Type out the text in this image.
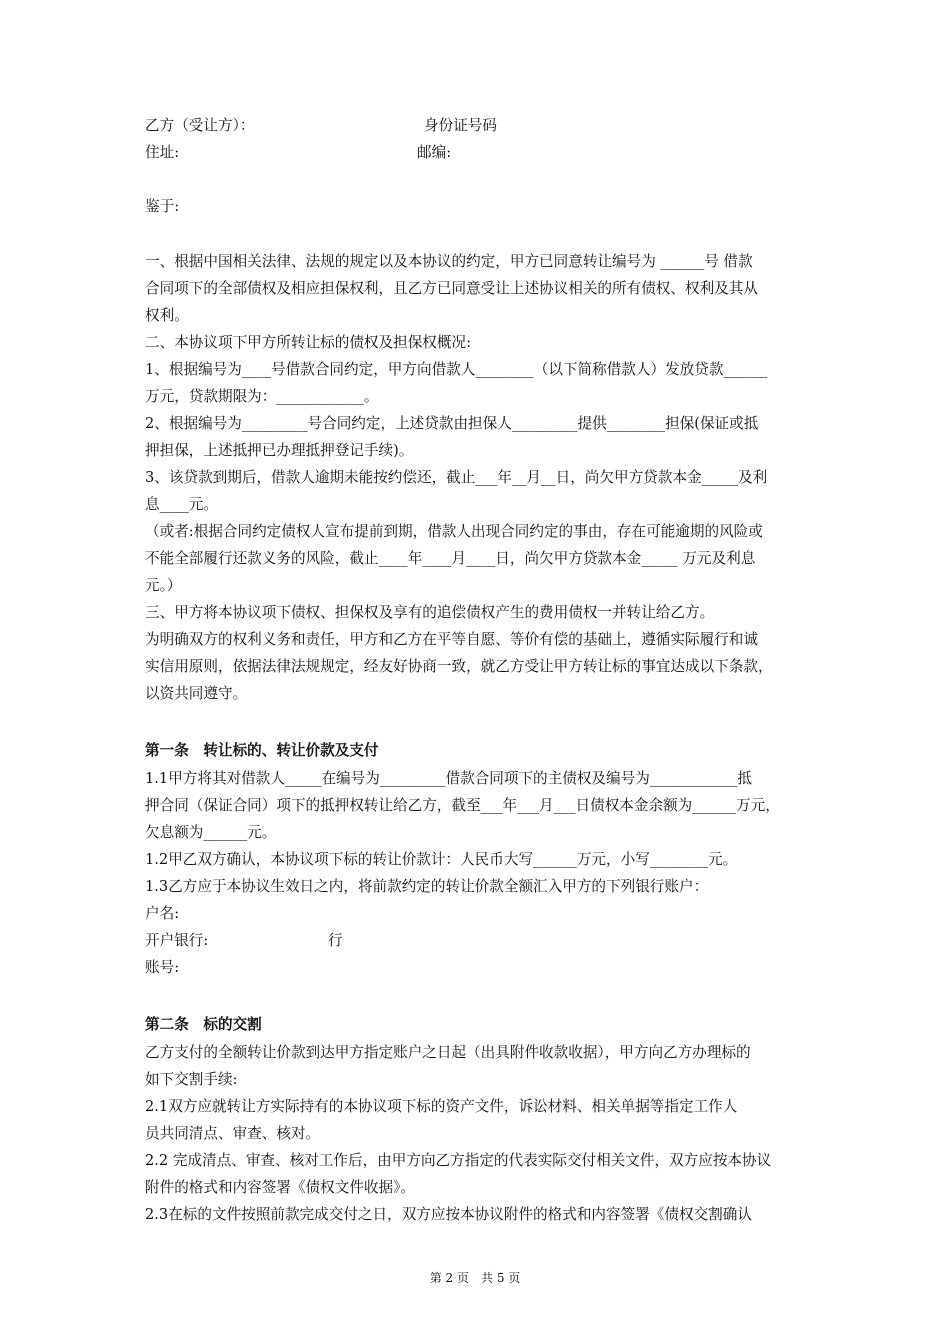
乙方（受让方）：	身份证号码

住址:	邮编:

鉴于:

一、根据中国相关法律、法规的规定以及本协议的约定，甲方已同意转让编号为 ______号 借款

合同项下的全部债权及相应担保权利，且乙方已同意受让上述协议相关的所有债权、权利及其从

权利。

二、本协议项下甲方所转让标的债权及担保权概况:

1、根据编号为____号借款合同约定，甲方向借款人________（以下简称借款人）发放贷款______

万元，贷款期限为：____________。

2、根据编号为_________号合同约定，上述贷款由担保人_________提供________担保(保证或抵

押担保，上述抵押已办理抵押登记手续)。

3、该贷款到期后，借款人逾期未能按约偿还，截止___年__月__日，尚欠甲方贷款本金_____及利

息____元。

（或者:根据合同约定债权人宣布提前到期，借款人出现合同约定的事由，存在可能逾期的风险或

不能全部履行还款义务的风险，截止____年____月____日，尚欠甲方贷款本金_____ 万元及利息

元。）

三、甲方将本协议项下债权、担保权及享有的追偿债权产生的费用债权一并转让给乙方。

为明确双方的权利义务和责任，甲方和乙方在平等自愿、等价有偿的基础上，遵循实际履行和诚

实信用原则，依据法律法规规定，经友好协商一致，就乙方受让甲方转让标的事宜达成以下条款，

以资共同遵守。

第一条　转让标的、转让价款及支付

1.1甲方将其对借款人_____在编号为_________借款合同项下的主债权及编号为____________抵

押合同（保证合同）项下的抵押权转让给乙方，截至___年___月___日债权本金余额为______万元，

欠息额为______元。

1.2甲乙双方确认，本协议项下标的转让价款计：人民币大写______万元，小写________元。

1.3乙方应于本协议生效日之内，将前款约定的转让价款全额汇入甲方的下列银行账户：

户名:

开户银行:	行

账号:

第二条　标的交割

乙方支付的全额转让价款到达甲方指定账户之日起（出具附件收款收据），甲方向乙方办理标的

如下交割手续:

2.1双方应就转让方实际持有的本协议项下标的资产文件，诉讼材料、相关单据等指定工作人

员共同清点、审查、核对。

2.2 完成清点、审查、核对工作后，由甲方向乙方指定的代表实际交付相关文件，双方应按本协议

附件的格式和内容签署《债权文件收据》。

2.3在标的文件按照前款完成交付之日，双方应按本协议附件的格式和内容签署《债权交割确认

第 2 页　共 5 页
